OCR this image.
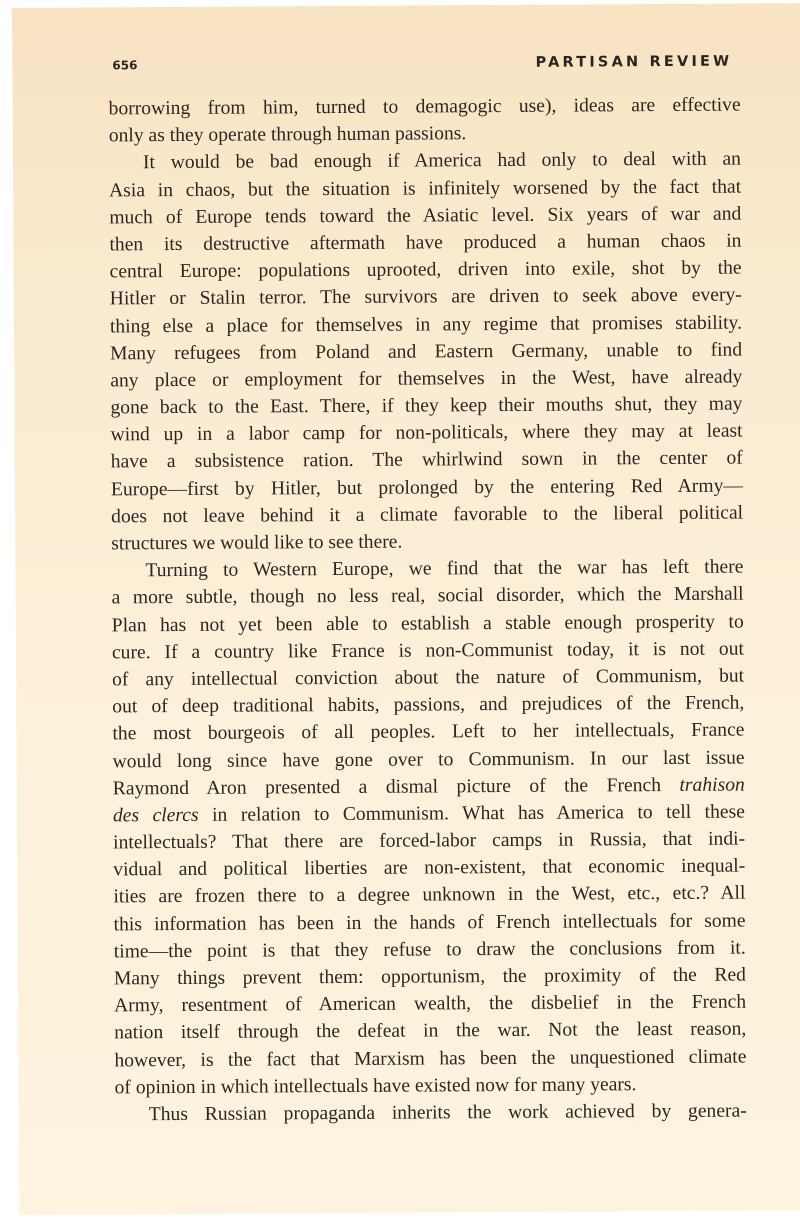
656	PARTISAN REVIEW
borrowing from him, turned to demagogic use), ideas are effective
only as they operate through human passions.
It would be bad enough if America had only to deal with an
Asia in chaos, but the situation is infinitely worsened by the fact that
much of Europe tends toward the Asiatic level. Six years of war and
then its destructive aftermath have produced a human chaos in
central Europe: populations uprooted, driven into exile, shot by the
Hitler or Stalin terror. The survivors are driven to seek above every-
thing else a place for themselves in any regime that promises stability.
Many refugees from Poland and Eastern Germany, unable to find
any place or employment for themselves in the West, have already
gone back to the East. There, if they keep their mouths shut, they may
wind up in a labor camp for non-politicals, where they may at least
have a subsistence ration. The whirlwind sown in the center of
Europe—first by Hitler, but prolonged by the entering Red Army—
does not leave behind it a climate favorable to the liberal political
structures we would like to see there.
Turning to Western Europe, we find that the war has left there
a more subtle, though no less real, social disorder, which the Marshall
Plan has not yet been able to establish a stable enough prosperity to
cure. If a country like France is non-Communist today, it is not out
of any intellectual conviction about the nature of Communism, but
out of deep traditional habits, passions, and prejudices of the French,
the most bourgeois of all peoples. Left to her intellectuals, France
would long since have gone over to Communism. In our last issue
Raymond Aron presented a dismal picture of the French trahison
des clercs in relation to Communism. What has America to tell these
intellectuals? That there are forced-labor camps in Russia, that indi-
vidual and political liberties are non-existent, that economic inequal-
ities are frozen there to a degree unknown in the West, etc., etc.? All
this information has been in the hands of French intellectuals for some
time—the point is that they refuse to draw the conclusions from it.
Many things prevent them: opportunism, the proximity of the Red
Army, resentment of American wealth, the disbelief in the French
nation itself through the defeat in the war. Not the least reason,
however, is the fact that Marxism has been the unquestioned climate
of opinion in which intellectuals have existed now for many years.
Thus Russian propaganda inherits the work achieved by genera-
